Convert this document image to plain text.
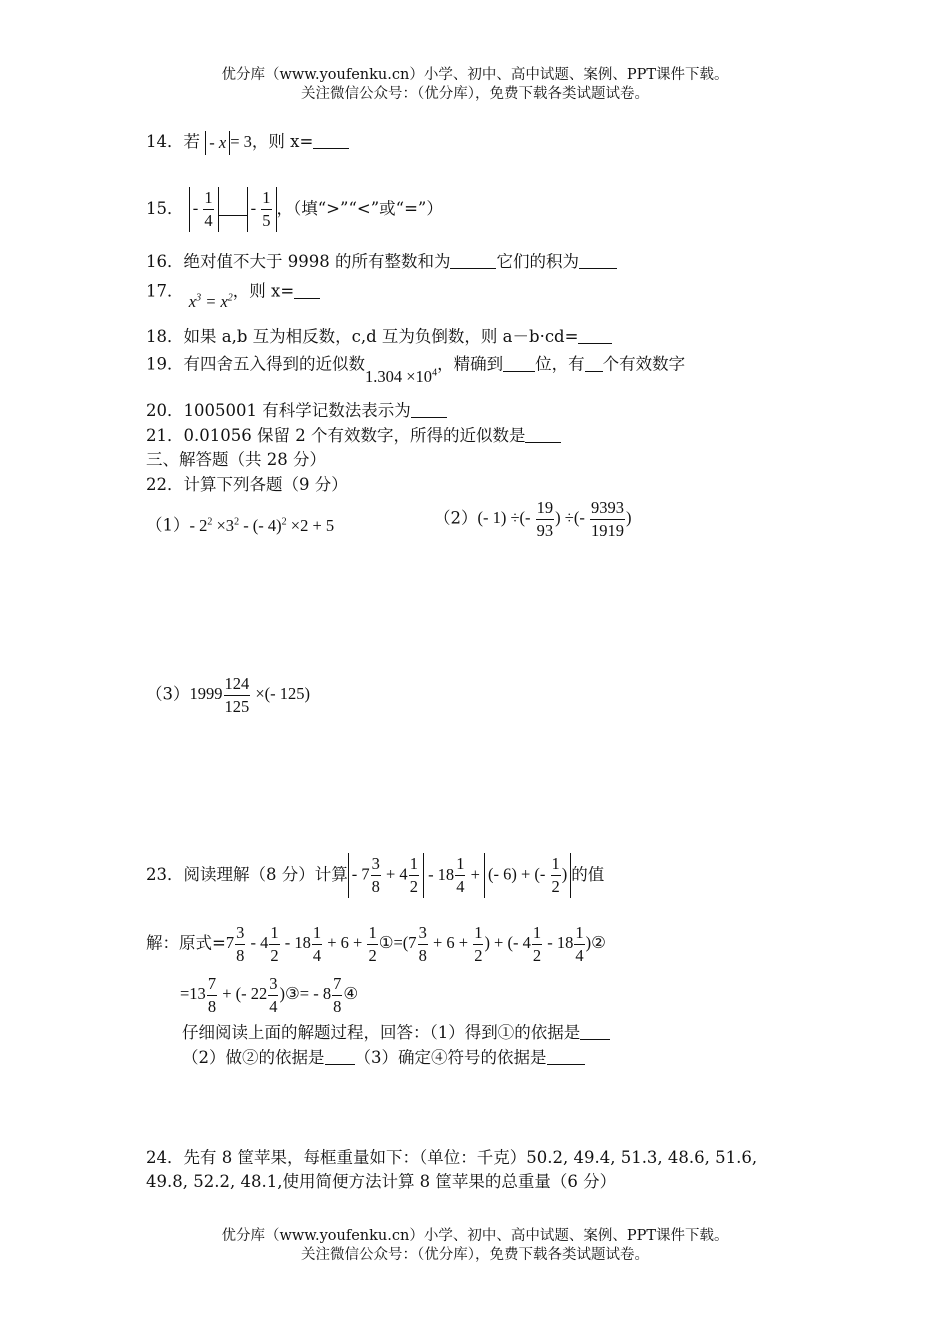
优分库（www.youfenku.cn）小学、初中、高中试题、案例、PPT课件下载。
关注微信公众号：（优分库），免费下载各类试题试卷。
14．若 - x = 3，则 x=
15． - $\frac{1}{4} - \frac{1}{5}$ ，（填“>”“<”或“=”）
16．绝对值不大于 9998 的所有整数和为	它们的积为
17． $x^3 = x^2$，则 x=
18．如果 a,b 互为相反数，c,d 互为负倒数，则 a－b·cd=
19．有四舍五入得到的近似数$1.304 \times 10^4$，精确到 位，有 个有效数字
20．1005001 有科学记数法表示为
21．0.01056 保留 2 个有效数字，所得的近似数是
三、解答题（共 28 分）
22．计算下列各题（9 分）
（1）- $2^2 \times 3^2$ - (- 4)$^2$ ×2 + 5	（2）(- 1) ÷(- $\frac{19}{93}$ ) ÷(- $\frac{9393}{1919}$ )
$(3)1999 \frac{124}{125}$ ×(- 125)
23．阅读理解（8 分）计算 - $7 \frac{3}{8} + 4 \frac{1}{2} - 18 \frac{1}{4}$ + (- 6) + (- $\frac{1}{2}$ ) 的值
解：原式$=7 \frac{3}{8} - 4 \frac{1}{2} - 18 \frac{1}{4} + 6 + \frac{1}{2}$ ①=(7 $\frac{3}{8} + 6 + \frac{1}{2}$ ) + (- $4 \frac{1}{2} - 18 \frac{1}{4}$ )②
$=13 \frac{7}{8}$ + (- $22 \frac{3}{4}$ )③= - $8 \frac{7}{8}$ ④
仔细阅读上面的解题过程，回答：（1）得到①的依据是
（2）做②的依据是 （3）确定④符号的依据是
24．先有 8 筐苹果，每框重量如下：（单位：千克）50.2, 49.4, 51.3, 48.6, 51.6,
49.8, 52.2, 48.1,使用简便方法计算 8 筐苹果的总重量（6 分）
优分库（www.youfenku.cn）小学、初中、高中试题、案例、PPT课件下载。
关注微信公众号：（优分库），免费下载各类试题试卷。
